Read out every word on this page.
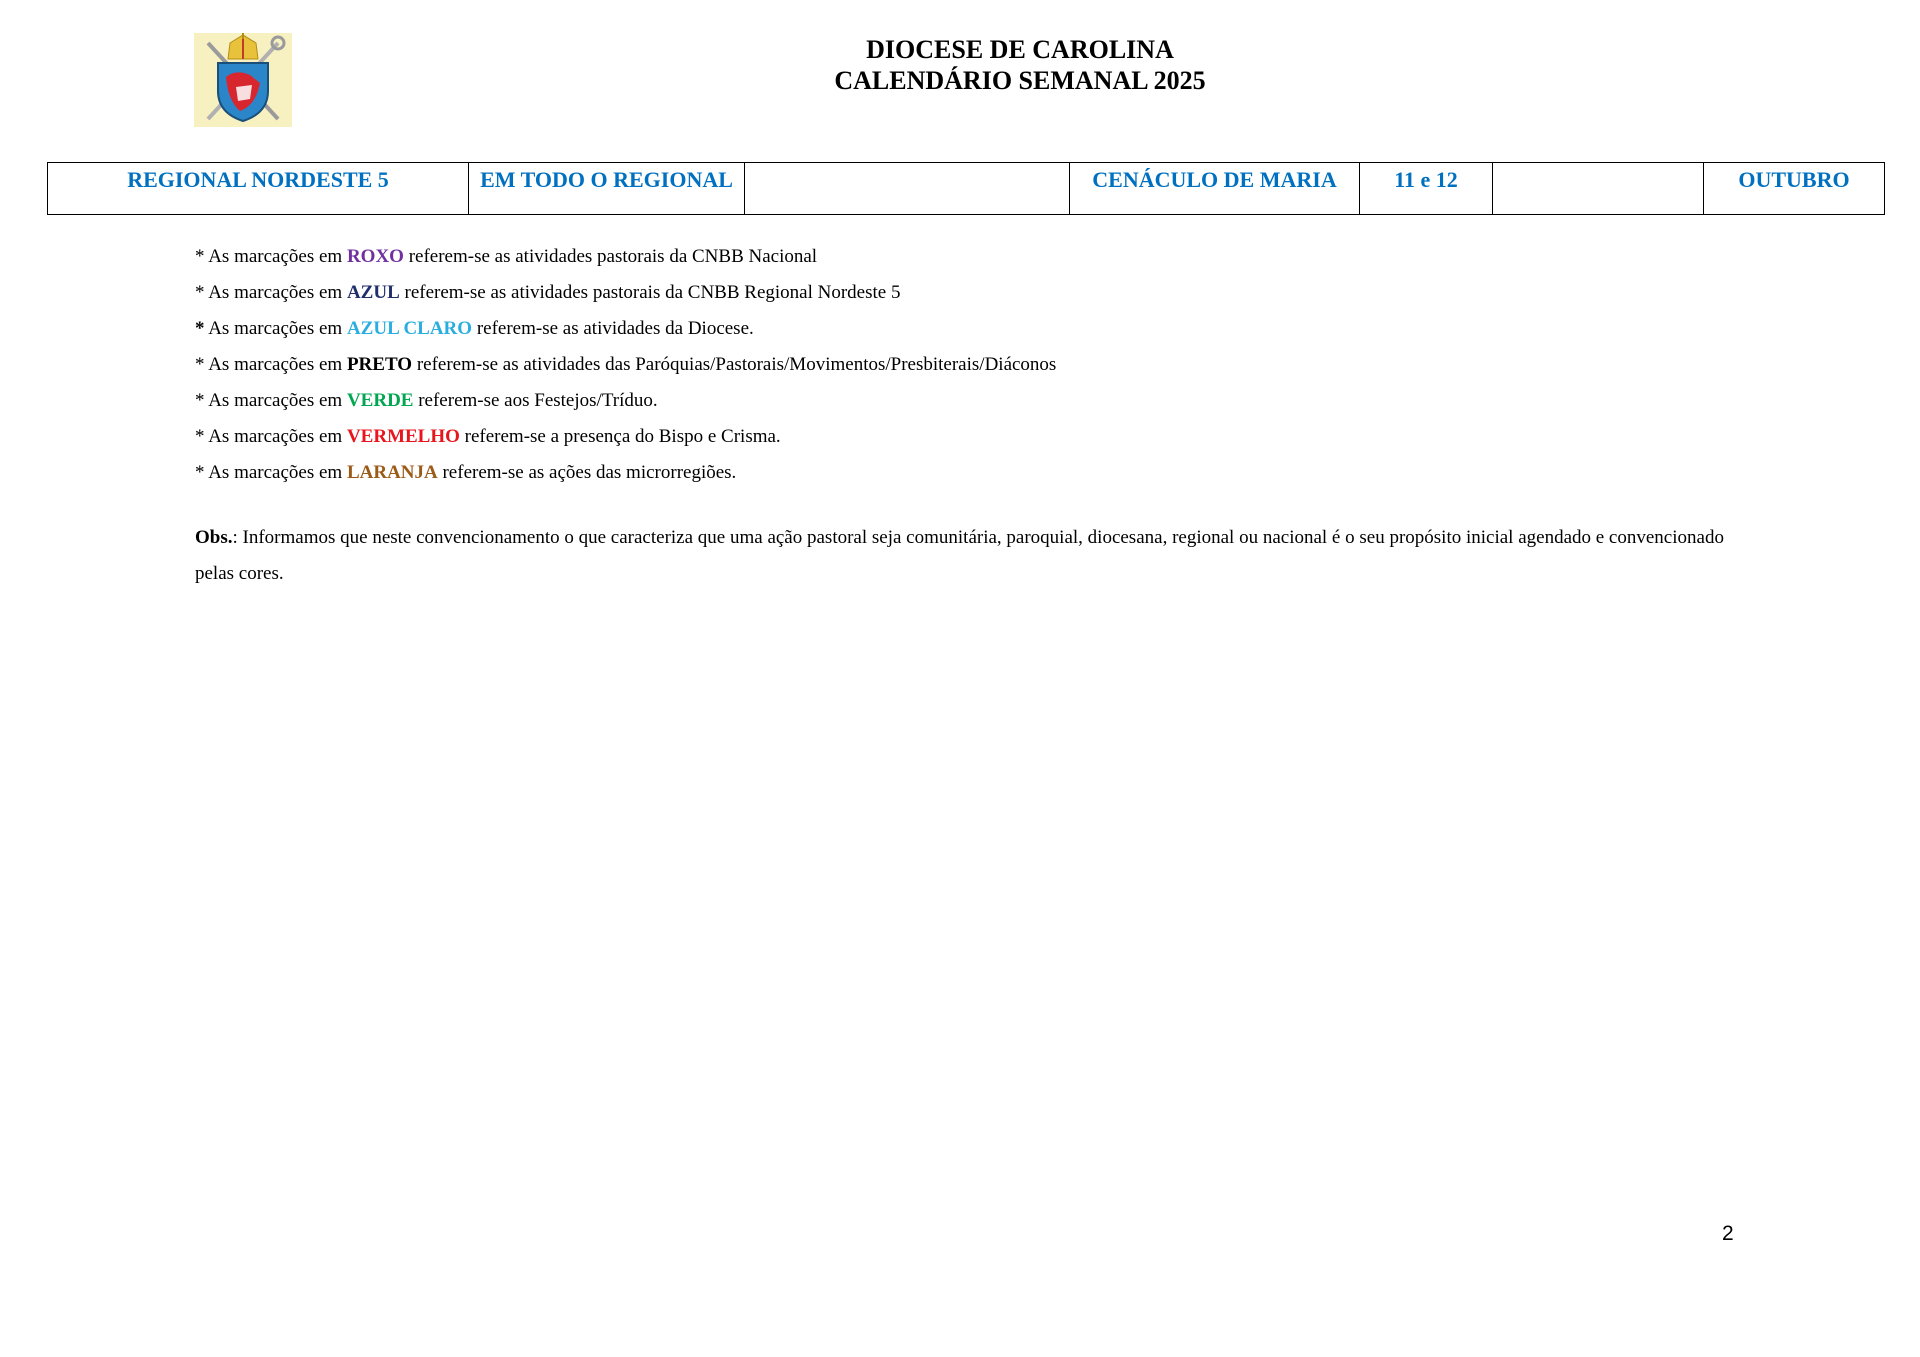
DIOCESE DE CAROLINA
CALENDÁRIO SEMANAL 2025
REGIONAL NORDESTE 5	EM TODO O REGIONAL		CENÁCULO DE MARIA	11 e 12		OUTUBRO
* As marcações em ROXO referem-se as atividades pastorais da CNBB Nacional
* As marcações em AZUL referem-se as atividades pastorais da CNBB Regional Nordeste 5
* As marcações em AZUL CLARO referem-se as atividades da Diocese.
* As marcações em PRETO referem-se as atividades das Paróquias/Pastorais/Movimentos/Presbiterais/Diáconos
* As marcações em VERDE referem-se aos Festejos/Tríduo.
* As marcações em VERMELHO referem-se a presença do Bispo e Crisma.
* As marcações em LARANJA referem-se as ações das microrregiões.
Obs.: Informamos que neste convencionamento o que caracteriza que uma ação pastoral seja comunitária, paroquial, diocesana, regional ou nacional é o seu propósito inicial agendado e convencionado pelas cores.
2
